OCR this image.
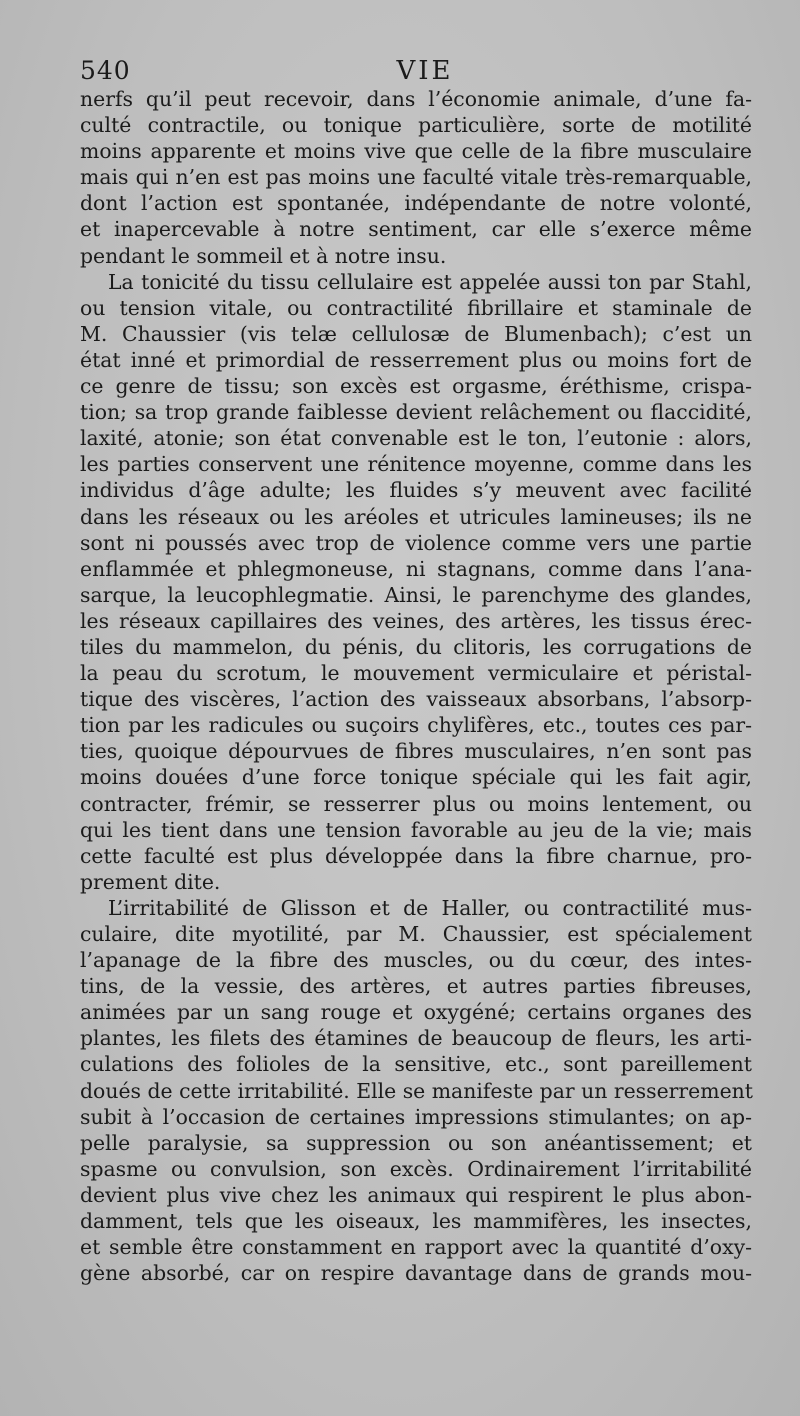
540	VIE
nerfs qu’il peut recevoir, dans l’économie animale, d’une fa-
culté contractile, ou tonique particulière, sorte de motilité
moins apparente et moins vive que celle de la fibre musculaire
mais qui n’en est pas moins une faculté vitale très-remarquable,
dont l’action est spontanée, indépendante de notre volonté,
et inapercevable à notre sentiment, car elle s’exerce même
pendant le sommeil et à notre insu.
La tonicité du tissu cellulaire est appelée aussi ton par Stahl,
ou tension vitale, ou contractilité fibrillaire et staminale de
M. Chaussier (vis telæ cellulosæ de Blumenbach); c’est un
état inné et primordial de resserrement plus ou moins fort de
ce genre de tissu; son excès est orgasme, éréthisme, crispa-
tion; sa trop grande faiblesse devient relâchement ou flaccidité,
laxité, atonie; son état convenable est le ton, l’eutonie : alors,
les parties conservent une rénitence moyenne, comme dans les
individus d’âge adulte; les fluides s’y meuvent avec facilité
dans les réseaux ou les aréoles et utricules lamineuses; ils ne
sont ni poussés avec trop de violence comme vers une partie
enflammée et phlegmoneuse, ni stagnans, comme dans l’ana-
sarque, la leucophlegmatie. Ainsi, le parenchyme des glandes,
les réseaux capillaires des veines, des artères, les tissus érec-
tiles du mammelon, du pénis, du clitoris, les corrugations de
la peau du scrotum, le mouvement vermiculaire et péristal-
tique des viscères, l’action des vaisseaux absorbans, l’absorp-
tion par les radicules ou suçoirs chylifères, etc., toutes ces par-
ties, quoique dépourvues de fibres musculaires, n’en sont pas
moins douées d’une force tonique spéciale qui les fait agir,
contracter, frémir, se resserrer plus ou moins lentement, ou
qui les tient dans une tension favorable au jeu de la vie; mais
cette faculté est plus développée dans la fibre charnue, pro-
prement dite.
L’irritabilité de Glisson et de Haller, ou contractilité mus-
culaire, dite myotilité, par M. Chaussier, est spécialement
l’apanage de la fibre des muscles, ou du cœur, des intes-
tins, de la vessie, des artères, et autres parties fibreuses,
animées par un sang rouge et oxygéné; certains organes des
plantes, les filets des étamines de beaucoup de fleurs, les arti-
culations des folioles de la sensitive, etc., sont pareillement
doués de cette irritabilité. Elle se manifeste par un resserrement
subit à l’occasion de certaines impressions stimulantes; on ap-
pelle paralysie, sa suppression ou son anéantissement; et
spasme ou convulsion, son excès. Ordinairement l’irritabilité
devient plus vive chez les animaux qui respirent le plus abon-
damment, tels que les oiseaux, les mammifères, les insectes,
et semble être constamment en rapport avec la quantité d’oxy-
gène absorbé, car on respire davantage dans de grands mou-
